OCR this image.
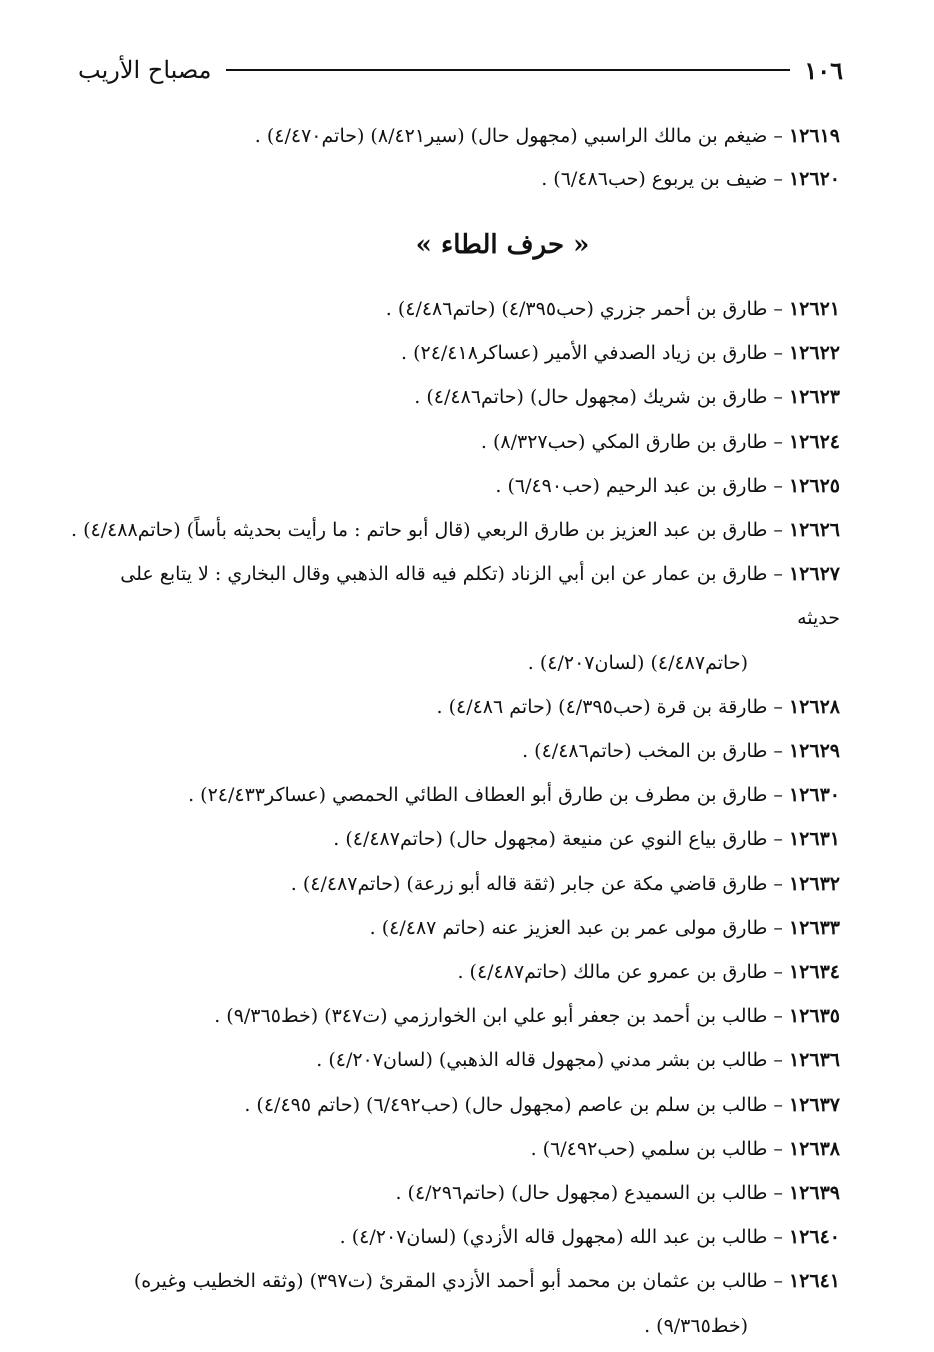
١٠٦
مصباح الأريب

١٢٦١٩ – ضيغم بن مالك الراسبي (مجهول حال) (سير٨/٤٢١) (حاتم٤/٤٧٠) .

١٢٦٢٠ – ضيف بن يربوع (حب٦/٤٨٦) .

« حرف الطاء »

١٢٦٢١ – طارق بن أحمر جزري (حب٤/٣٩٥) (حاتم٤/٤٨٦) .

١٢٦٢٢ – طارق بن زياد الصدفي الأمير (عساكر٢٤/٤١٨) .

١٢٦٢٣ – طارق بن شريك (مجهول حال) (حاتم٤/٤٨٦) .

١٢٦٢٤ – طارق بن طارق المكي (حب٨/٣٢٧) .

١٢٦٢٥ – طارق بن عبد الرحيم (حب٦/٤٩٠) .

١٢٦٢٦ – طارق بن عبد العزيز بن طارق الربعي (قال أبو حاتم : ما رأيت بحديثه بأساً) (حاتم٤/٤٨٨) .

١٢٦٢٧ – طارق بن عمار عن ابن أبي الزناد (تكلم فيه قاله الذهبي وقال البخاري : لا يتابع على حديثه
(حاتم٤/٤٨٧) (لسان٤/٢٠٧) .

١٢٦٢٨ – طارقة بن قرة (حب٤/٣٩٥) (حاتم ٤/٤٨٦) .

١٢٦٢٩ – طارق بن المخب (حاتم٤/٤٨٦) .

١٢٦٣٠ – طارق بن مطرف بن طارق أبو العطاف الطائي الحمصي (عساكر٢٤/٤٣٣) .

١٢٦٣١ – طارق بياع النوي عن منيعة (مجهول حال) (حاتم٤/٤٨٧) .

١٢٦٣٢ – طارق قاضي مكة عن جابر (ثقة قاله أبو زرعة) (حاتم٤/٤٨٧) .

١٢٦٣٣ – طارق مولى عمر بن عبد العزيز عنه (حاتم ٤/٤٨٧) .

١٢٦٣٤ – طارق بن عمرو عن مالك (حاتم٤/٤٨٧) .

١٢٦٣٥ – طالب بن أحمد بن جعفر أبو علي ابن الخوارزمي (ت٣٤٧) (خط٩/٣٦٥) .

١٢٦٣٦ – طالب بن بشر مدني (مجهول قاله الذهبي) (لسان٤/٢٠٧) .

١٢٦٣٧ – طالب بن سلم بن عاصم (مجهول حال) (حب٦/٤٩٢) (حاتم ٤/٤٩٥) .

١٢٦٣٨ – طالب بن سلمي (حب٦/٤٩٢) .

١٢٦٣٩ – طالب بن السميدع (مجهول حال) (حاتم٤/٢٩٦) .

١٢٦٤٠ – طالب بن عبد الله (مجهول قاله الأزدي) (لسان٤/٢٠٧) .

١٢٦٤١ – طالب بن عثمان بن محمد أبو أحمد الأزدي المقرئ (ت٣٩٧) (وثقه الخطيب وغيره)
(خط٩/٣٦٥) .
